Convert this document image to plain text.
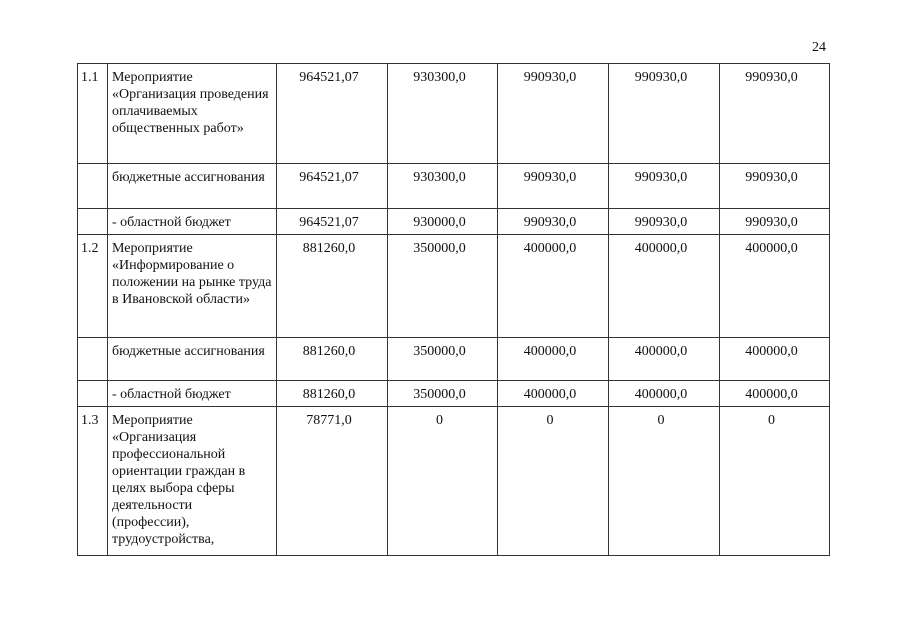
24
1.1	Мероприятие «Организация проведения оплачиваемых общественных работ»	964521,07	930300,0	990930,0	990930,0	990930,0
	бюджетные ассигнования	964521,07	930300,0	990930,0	990930,0	990930,0
	- областной бюджет	964521,07	930000,0	990930,0	990930,0	990930,0
1.2	Мероприятие «Информирование о положении на рынке труда в Ивановской области»	881260,0	350000,0	400000,0	400000,0	400000,0
	бюджетные ассигнования	881260,0	350000,0	400000,0	400000,0	400000,0
	- областной бюджет	881260,0	350000,0	400000,0	400000,0	400000,0
1.3	Мероприятие «Организация профессиональной ориентации граждан в целях выбора сферы деятельности (профессии), трудоустройства,	78771,0	0	0	0	0
